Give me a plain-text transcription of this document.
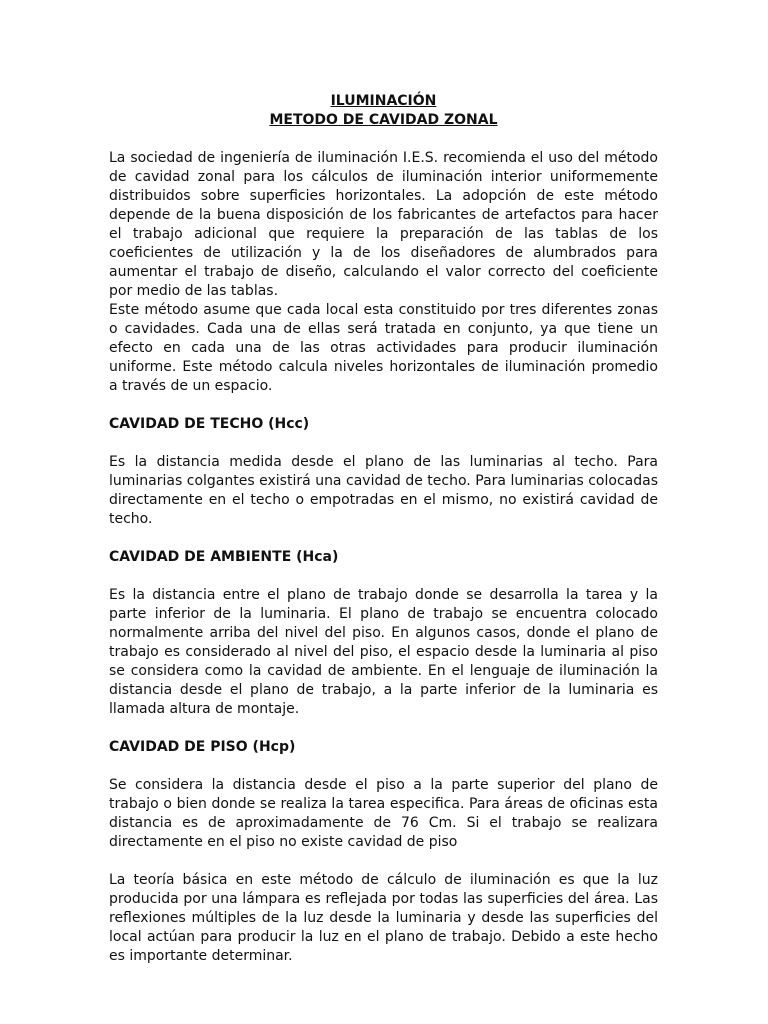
ILUMINACIÓN

METODO DE CAVIDAD ZONAL

La sociedad de ingeniería de iluminación I.E.S. recomienda el uso del método de cavidad zonal para los cálculos de iluminación interior uniformemente distribuidos sobre superficies horizontales. La adopción de este método depende de la buena disposición de los fabricantes de artefactos para hacer el trabajo adicional que requiere la preparación de las tablas de los coeficientes de utilización y la de los diseñadores de alumbrados para aumentar el trabajo de diseño, calculando el valor correcto del coeficiente por medio de las tablas.

Este método asume que cada local esta constituido por tres diferentes zonas o cavidades. Cada una de ellas será tratada en conjunto, ya que tiene un efecto en cada una de las otras actividades para producir iluminación uniforme. Este método calcula niveles horizontales de iluminación promedio a través de un espacio.

CAVIDAD DE TECHO (Hcc)

Es la distancia medida desde el plano de las luminarias al techo. Para luminarias colgantes existirá una cavidad de techo. Para luminarias colocadas directamente en el techo o empotradas en el mismo, no existirá cavidad de techo.

CAVIDAD DE AMBIENTE (Hca)

Es la distancia entre el plano de trabajo donde se desarrolla la tarea y la parte inferior de la luminaria. El plano de trabajo se encuentra colocado normalmente arriba del nivel del piso. En algunos casos, donde el plano de trabajo es considerado al nivel del piso, el espacio desde la luminaria al piso se considera como la cavidad de ambiente. En el lenguaje de iluminación la distancia desde el plano de trabajo, a la parte inferior de la luminaria es llamada altura de montaje.

CAVIDAD DE PISO (Hcp)

Se considera la distancia desde el piso a la parte superior del plano de trabajo o bien donde se realiza la tarea especifica. Para áreas de oficinas esta distancia es de aproximadamente de 76 Cm. Si el trabajo se realizara directamente en el piso no existe cavidad de piso

La teoría básica en este método de cálculo de iluminación es que la luz producida por una lámpara es reflejada por todas las superficies del área. Las reflexiones múltiples de la luz desde la luminaria y desde las superficies del local actúan para producir la luz en el plano de trabajo. Debido a este hecho es importante determinar.
